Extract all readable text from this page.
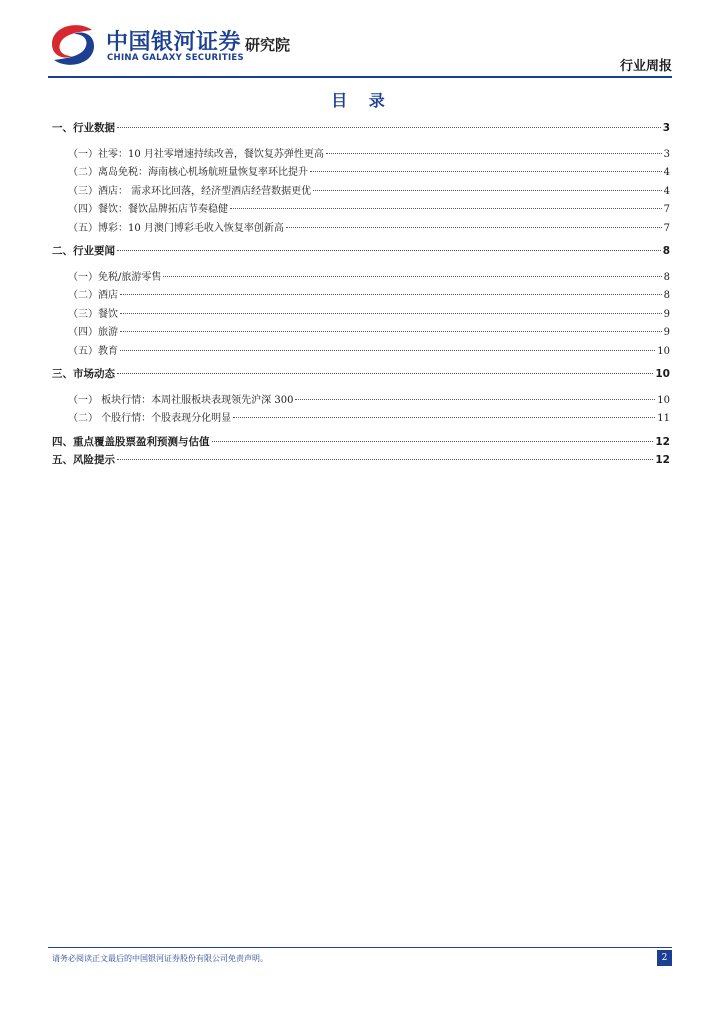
中国银河证券
CHINA GALAXY SECURITIES
研究院
行业周报
目 录
一、行业数据	3
（一）社零：10 月社零增速持续改善，餐饮复苏弹性更高	3
（二）离岛免税：海南核心机场航班量恢复率环比提升	4
（三）酒店： 需求环比回落，经济型酒店经营数据更优	4
（四）餐饮：餐饮品牌拓店节奏稳健	7
（五）博彩：10 月澳门博彩毛收入恢复率创新高	7
二、行业要闻	8
（一）免税/旅游零售	8
（二）酒店	8
（三）餐饮	9
（四）旅游	9
（五）教育	10
三、市场动态	10
（一） 板块行情：本周社服板块表现领先沪深 300	10
（二） 个股行情：个股表现分化明显	11
四、重点覆盖股票盈利预测与估值	12
五、风险提示	12
请务必阅读正文最后的中国银河证券股份有限公司免责声明。	2
